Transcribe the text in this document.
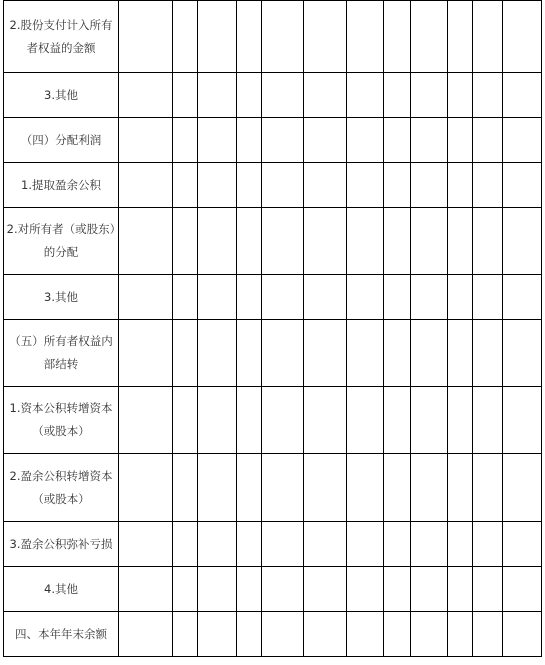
2.股份支付计入所有者权益的金额												
3.其他												
（四）分配利润												
1.提取盈余公积												
2.对所有者（或股东）的分配												
3.其他												
（五）所有者权益内部结转												
1.资本公积转增资本（或股本）												
2.盈余公积转增资本（或股本）												
3.盈余公积弥补亏损												
4.其他												
四、本年年末余额												
